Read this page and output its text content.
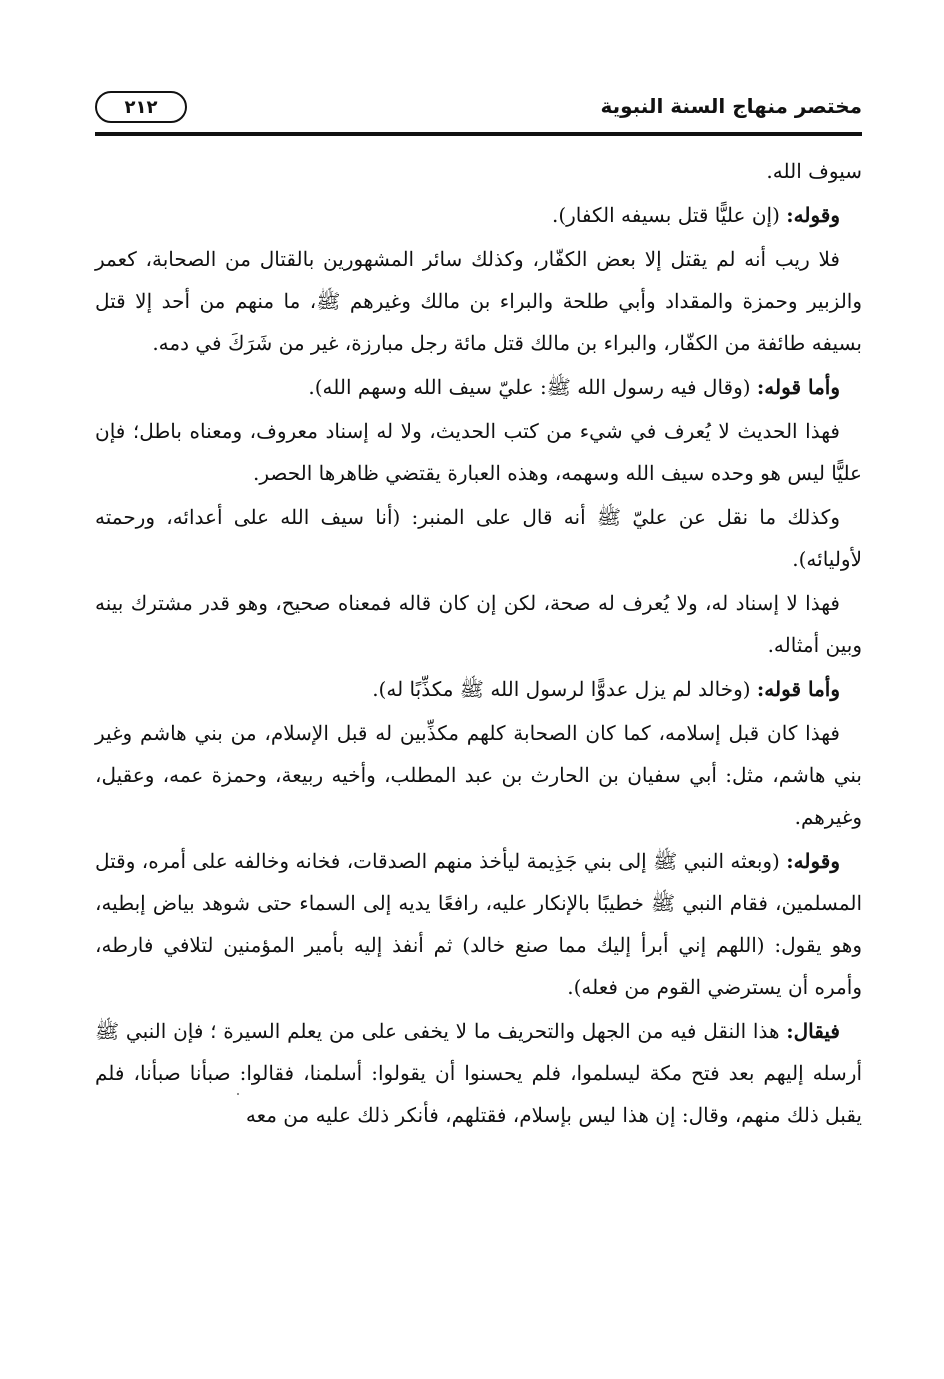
مختصر منهاج السنة النبوية
٢١٢

سيوف الله.

وقوله: (إن عليًّا قتل بسيفه الكفار).

فلا ريب أنه لم يقتل إلا بعض الكفّار، وكذلك سائر المشهورين بالقتال من الصحابة، كعمر والزبير وحمزة والمقداد وأبي طلحة والبراء بن مالك وغيرهم ﷺ، ما منهم من أحد إلا قتل بسيفه طائفة من الكفّار، والبراء بن مالك قتل مائة رجل مبارزة، غير من شَرَكَ في دمه.

وأما قوله: (وقال فيه رسول الله ﷺ: عليّ سيف الله وسهم الله).

فهذا الحديث لا يُعرف في شيء من كتب الحديث، ولا له إسناد معروف، ومعناه باطل؛ فإن عليًّا ليس هو وحده سيف الله وسهمه، وهذه العبارة يقتضي ظاهرها الحصر.

وكذلك ما نقل عن عليّ ﷺ أنه قال على المنبر: (أنا سيف الله على أعدائه، ورحمته لأوليائه).

فهذا لا إسناد له، ولا يُعرف له صحة، لكن إن كان قاله فمعناه صحيح، وهو قدر مشترك بينه وبين أمثاله.

وأما قوله: (وخالد لم يزل عدوًّا لرسول الله ﷺ مكذِّبًا له).

فهذا كان قبل إسلامه، كما كان الصحابة كلهم مكذِّبين له قبل الإسلام، من بني هاشم وغير بني هاشم، مثل: أبي سفيان بن الحارث بن عبد المطلب، وأخيه ربيعة، وحمزة عمه، وعقيل، وغيرهم.

وقوله: (وبعثه النبي ﷺ إلى بني جَذِيمة ليأخذ منهم الصدقات، فخانه وخالفه على أمره، وقتل المسلمين، فقام النبي ﷺ خطيبًا بالإنكار عليه، رافعًا يديه إلى السماء حتى شوهد بياض إبطيه، وهو يقول: (اللهم إني أبرأ إليك مما صنع خالد) ثم أنفذ إليه بأمير المؤمنين لتلافي فارطه، وأمره أن يسترضي القوم من فعله).

فيقال: هذا النقل فيه من الجهل والتحريف ما لا يخفى على من يعلم السيرة ؛ فإن النبي ﷺ أرسله إليهم بعد فتح مكة ليسلموا، فلم يحسنوا أن يقولوا: أسلمنا، فقالوا: صبأنا صبأنا، فلم يقبل ذلك منهم، وقال: إن هذا ليس بإسلام، فقتلهم، فأنكر ذلك عليه من معه
